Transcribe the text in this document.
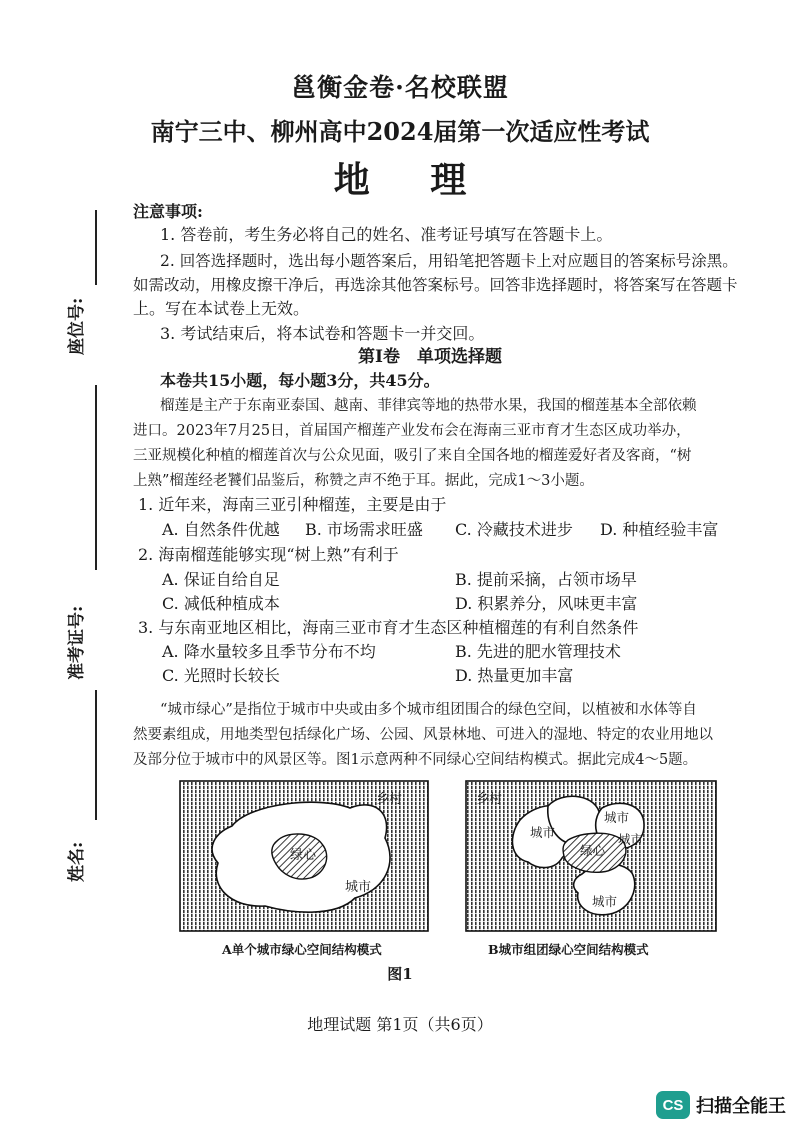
邕衡金卷·名校联盟
南宁三中、柳州高中2024届第一次适应性考试
地 理
座位号:
准考证号:
姓名:
注意事项:
1. 答卷前，考生务必将自己的姓名、准考证号填写在答题卡上。
2. 回答选择题时，选出每小题答案后，用铅笔把答题卡上对应题目的答案标号涂黑。
如需改动，用橡皮擦干净后，再选涂其他答案标号。回答非选择题时，将答案写在答题卡
上。写在本试卷上无效。
3. 考试结束后，将本试卷和答题卡一并交回。
第Ⅰ卷　单项选择题
本卷共15小题，每小题3分，共45分。
榴莲是主产于东南亚泰国、越南、菲律宾等地的热带水果，我国的榴莲基本全部依赖
进口。2023年7月25日，首届国产榴莲产业发布会在海南三亚市育才生态区成功举办，
三亚规模化种植的榴莲首次与公众见面，吸引了来自全国各地的榴莲爱好者及客商，“树
上熟”榴莲经老饕们品鉴后，称赞之声不绝于耳。据此，完成1～3小题。
1. 近年来，海南三亚引种榴莲，主要是由于
A. 自然条件优越 B. 市场需求旺盛 C. 冷藏技术进步 D. 种植经验丰富
2. 海南榴莲能够实现“树上熟”有利于
A. 保证自给自足	B. 提前采摘，占领市场早
C. 减低种植成本	D. 积累养分，风味更丰富
3. 与东南亚地区相比，海南三亚市育才生态区种植榴莲的有利自然条件
A. 降水量较多且季节分布不均	B. 先进的肥水管理技术
C. 光照时长较长	D. 热量更加丰富
“城市绿心”是指位于城市中央或由多个城市组团围合的绿色空间，以植被和水体等自
然要素组成，用地类型包括绿化广场、公园、风景林地、可进入的湿地、特定的农业用地以
及部分位于城市中的风景区等。图1示意两种不同绿心空间结构模式。据此完成4～5题。
乡村
绿心
城市
乡村
城市
城市
城市
城市
绿心
A单个城市绿心空间结构模式	B城市组团绿心空间结构模式
图1
地理试题 第1页（共6页）
CS 扫描全能王
